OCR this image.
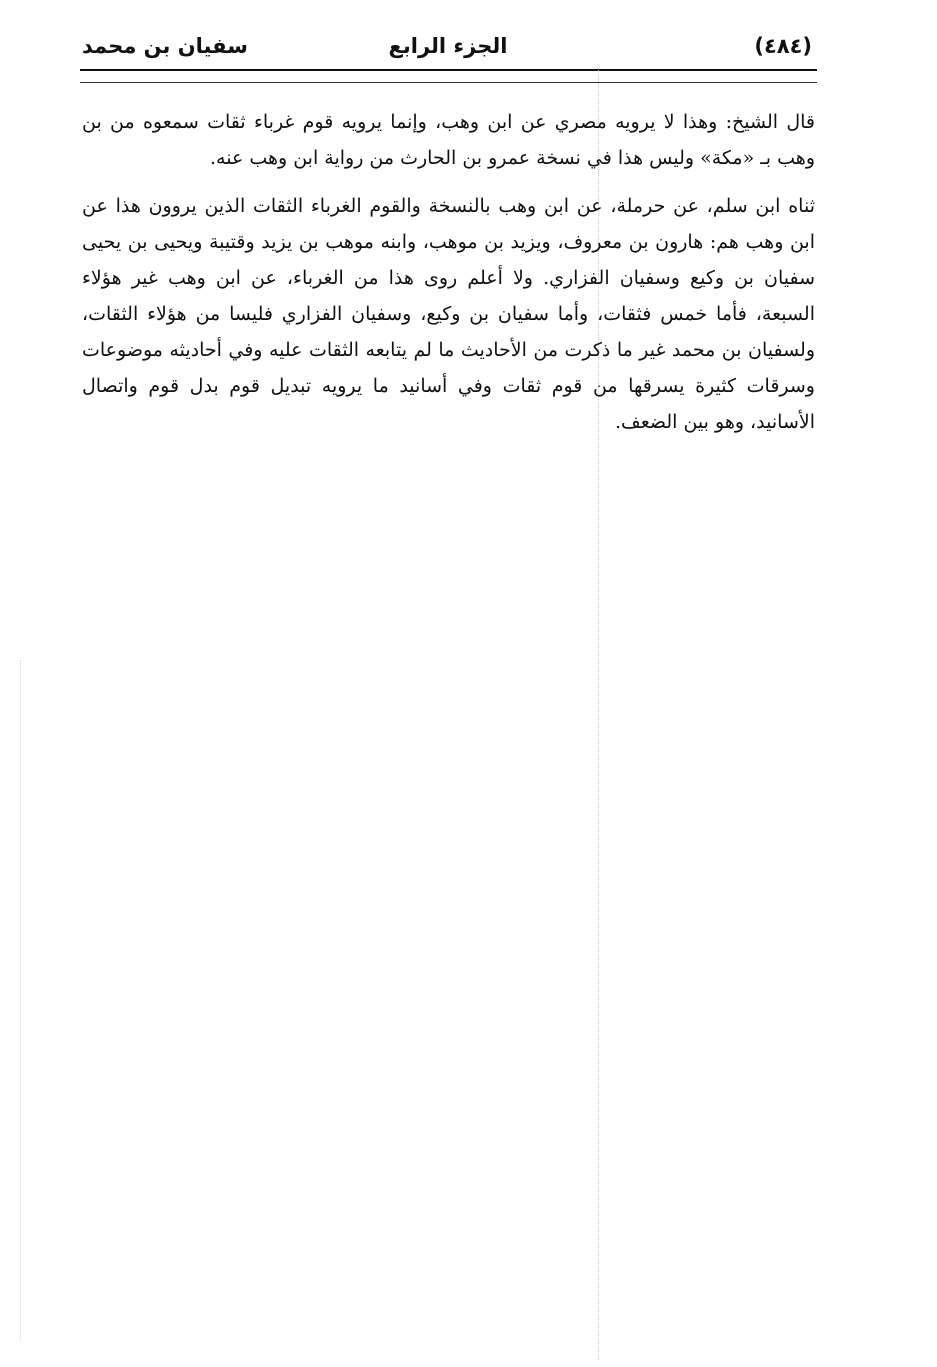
(٤٨٤)
الجزء الرابع
سفيان بن محمد

قال الشيخ: وهذا لا يرويه مصري عن ابن وهب، وإنما يرويه قوم غرباء ثقات سمعوه من بن وهب بـ «مكة» وليس هذا في نسخة عمرو بن الحارث من رواية ابن وهب عنه.

ثناه ابن سلم، عن حرملة، عن ابن وهب بالنسخة والقوم الغرباء الثقات الذين يروون هذا عن ابن وهب هم: هارون بن معروف، ويزيد بن موهب، وابنه موهب بن يزيد وقتيبة ويحيى بن يحيى سفيان بن وكيع وسفيان الفزاري. ولا أعلم روى هذا من الغرباء، عن ابن وهب غير هؤلاء السبعة، فأما خمس فثقات، وأما سفيان بن وكيع، وسفيان الفزاري فليسا من هؤلاء الثقات، ولسفيان بن محمد غير ما ذكرت من الأحاديث ما لم يتابعه الثقات عليه وفي أحاديثه موضوعات وسرقات كثيرة يسرقها من قوم ثقات وفي أسانيد ما يرويه تبديل قوم بدل قوم واتصال الأسانيد، وهو بين الضعف.
